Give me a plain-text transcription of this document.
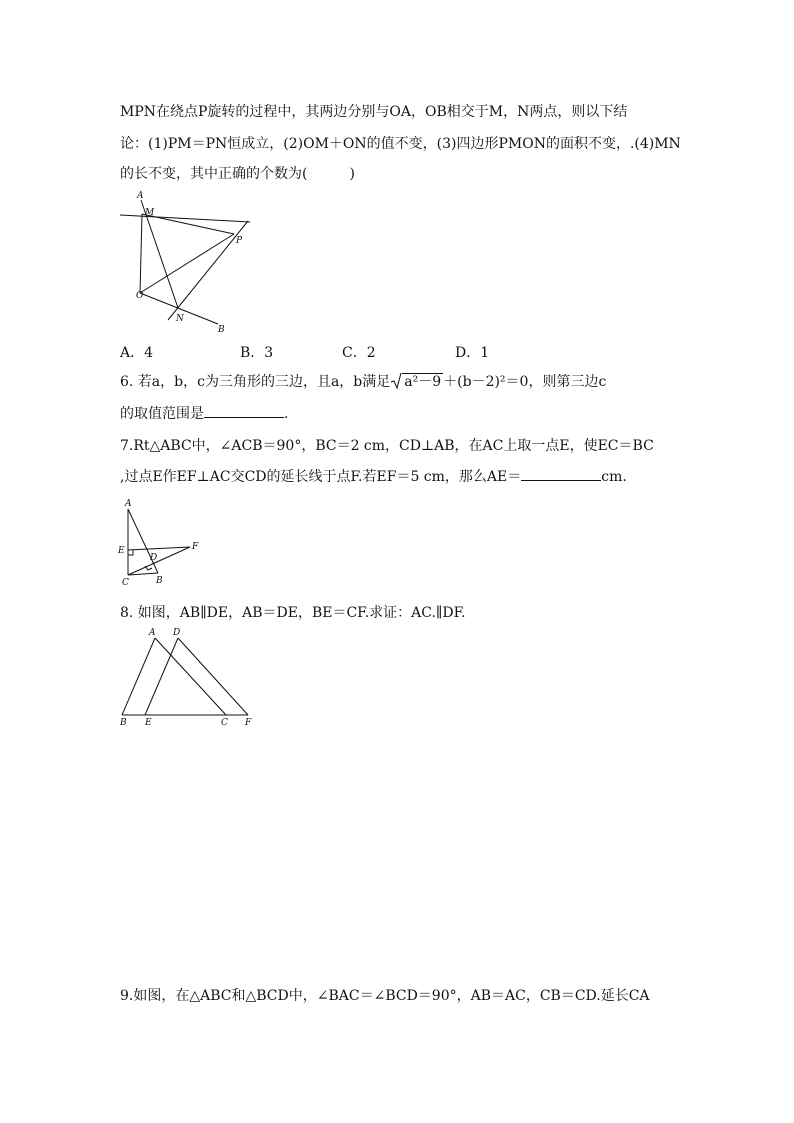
MPN在绕点P旋转的过程中，其两边分别与OA，OB相交于M，N两点，则以下结
论：(1)PM＝PN恒成立，(2)OM＋ON的值不变，(3)四边形PMON的面积不变，.(4)MN
的长不变，其中正确的个数为(　　　)
A
M
P
O
N
B
A．4	B．3	C．2	D．1
6. 若a，b，c为三角形的三边，且a，b满足 a²－9 ＋(b－2)²＝0，则第三边c
的取值范围是	.
7.Rt△ABC中，∠ACB＝90°，BC＝2 cm，CD⊥AB，在AC上取一点E，使EC＝BC
,过点E作EF⊥AC交CD的延长线于点F.若EF＝5 cm，那么AE＝	cm.
A
E
D
F
C	B
8. 如图，AB∥DE，AB＝DE，BE＝CF.求证：AC.∥DF.
A D
B E	C F
9.如图，在△ABC和△BCD中，∠BAC＝∠BCD＝90°，AB＝AC，CB＝CD.延长CA
